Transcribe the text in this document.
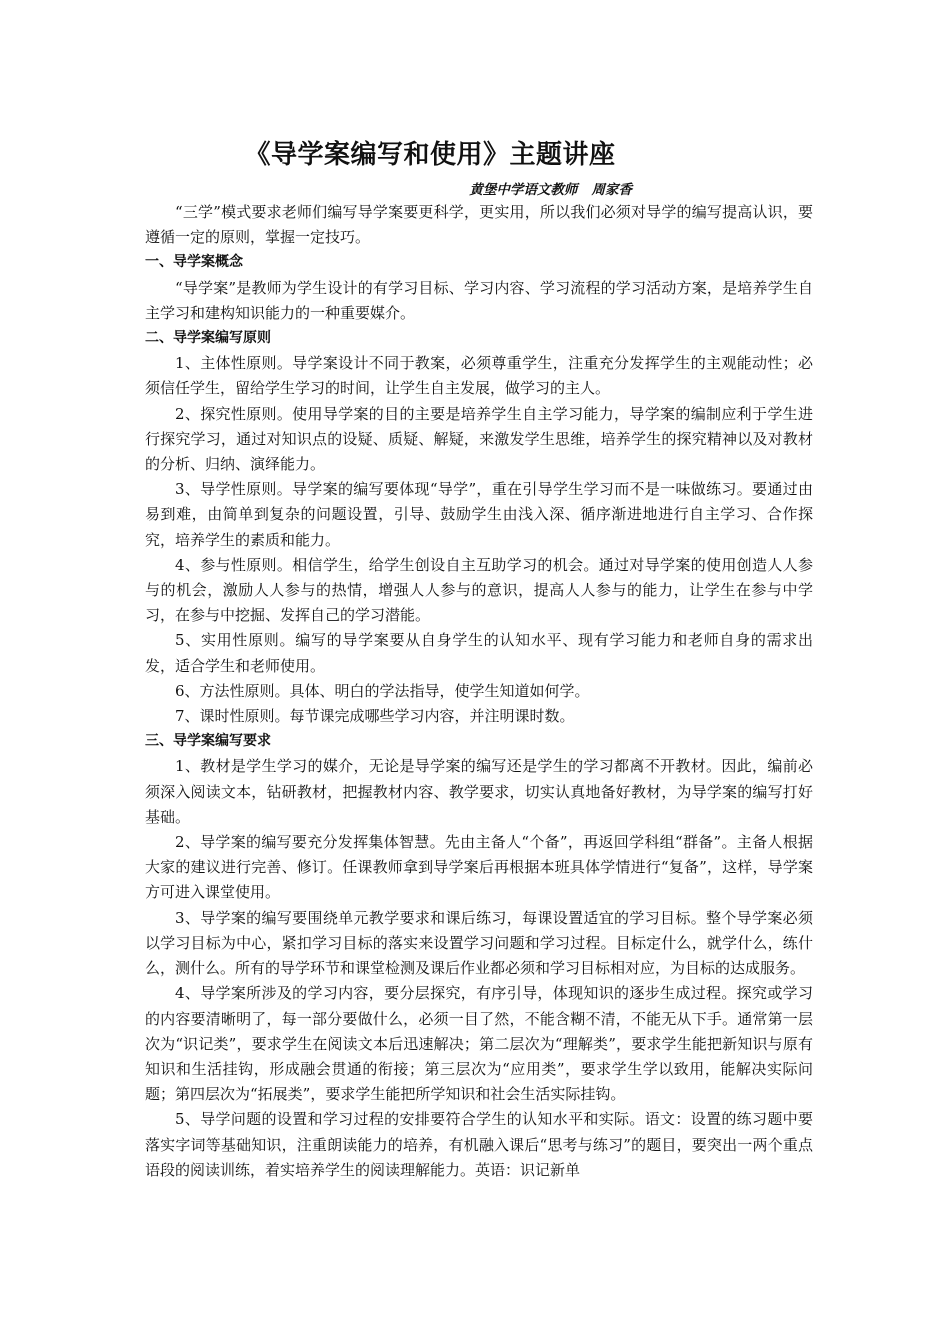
《导学案编写和使用》主题讲座
黄堡中学语文教师   周家香

“三学”模式要求老师们编写导学案要更科学，更实用，所以我们必须对导学的编写提高认识，要遵循一定的原则，掌握一定技巧。

一、导学案概念

“导学案”是教师为学生设计的有学习目标、学习内容、学习流程的学习活动方案，是培养学生自主学习和建构知识能力的一种重要媒介。

二、导学案编写原则

1、主体性原则。导学案设计不同于教案，必须尊重学生，注重充分发挥学生的主观能动性；必须信任学生，留给学生学习的时间，让学生自主发展，做学习的主人。

2、探究性原则。使用导学案的目的主要是培养学生自主学习能力，导学案的编制应利于学生进行探究学习，通过对知识点的设疑、质疑、解疑，来激发学生思维，培养学生的探究精神以及对教材的分析、归纳、演绎能力。

3、导学性原则。导学案的编写要体现“导学”，重在引导学生学习而不是一味做练习。要通过由易到难，由简单到复杂的问题设置，引导、鼓励学生由浅入深、循序渐进地进行自主学习、合作探究，培养学生的素质和能力。

4、参与性原则。相信学生，给学生创设自主互助学习的机会。通过对导学案的使用创造人人参与的机会，激励人人参与的热情，增强人人参与的意识，提高人人参与的能力，让学生在参与中学习，在参与中挖掘、发挥自己的学习潜能。

5、实用性原则。编写的导学案要从自身学生的认知水平、现有学习能力和老师自身的需求出发，适合学生和老师使用。

6、方法性原则。具体、明白的学法指导，使学生知道如何学。

7、课时性原则。每节课完成哪些学习内容，并注明课时数。

三、导学案编写要求

1、教材是学生学习的媒介，无论是导学案的编写还是学生的学习都离不开教材。因此，编前必须深入阅读文本，钻研教材，把握教材内容、教学要求，切实认真地备好教材，为导学案的编写打好基础。

2、导学案的编写要充分发挥集体智慧。先由主备人“个备”，再返回学科组“群备”。主备人根据大家的建议进行完善、修订。任课教师拿到导学案后再根据本班具体学情进行“复备”，这样，导学案方可进入课堂使用。

3、导学案的编写要围绕单元教学要求和课后练习，每课设置适宜的学习目标。整个导学案必须以学习目标为中心，紧扣学习目标的落实来设置学习问题和学习过程。目标定什么，就学什么，练什么，测什么。所有的导学环节和课堂检测及课后作业都必须和学习目标相对应，为目标的达成服务。

4、导学案所涉及的学习内容，要分层探究，有序引导，体现知识的逐步生成过程。探究或学习的内容要清晰明了，每一部分要做什么，必须一目了然，不能含糊不清，不能无从下手。通常第一层次为“识记类”，要求学生在阅读文本后迅速解决；第二层次为“理解类”，要求学生能把新知识与原有知识和生活挂钩，形成融会贯通的衔接；第三层次为“应用类”，要求学生学以致用，能解决实际问题；第四层次为“拓展类”，要求学生能把所学知识和社会生活实际挂钩。

5、导学问题的设置和学习过程的安排要符合学生的认知水平和实际。语文：设置的练习题中要落实字词等基础知识，注重朗读能力的培养，有机融入课后“思考与练习”的题目，要突出一两个重点语段的阅读训练，着实培养学生的阅读理解能力。英语：识记新单
